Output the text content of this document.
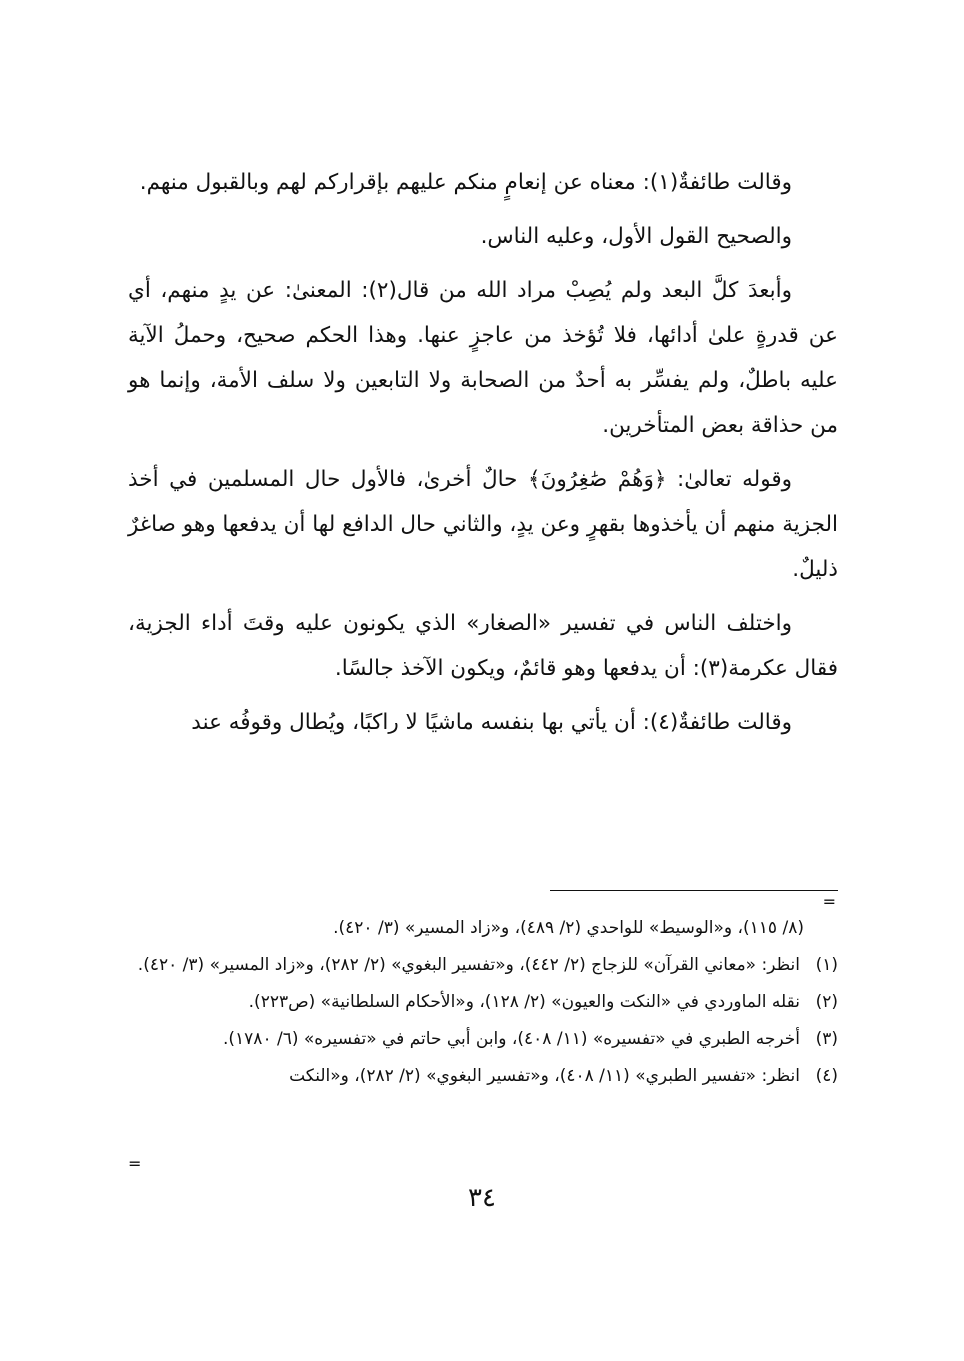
وقالت طائفةٌ(١): معناه عن إنعامٍ منكم عليهم بإقراركم لهم وبالقبول منهم.

والصحيح القول الأول، وعليه الناس.

وأبعدَ كلَّ البعد ولم يُصِبْ مراد الله من قال(٢): المعنىٰ: عن يدٍ منهم، أي عن قدرةٍ علىٰ أدائها، فلا تُؤخذ من عاجزٍ عنها. وهذا الحكم صحيح، وحملُ الآية عليه باطلٌ، ولم يفسِّر به أحدٌ من الصحابة ولا التابعين ولا سلف الأمة، وإنما هو من حذاقة بعض المتأخرين.

وقوله تعالىٰ: ﴿وَهُمْ صَٰغِرُونَ﴾ حالٌ أخرىٰ، فالأول حال المسلمين في أخذ الجزية منهم أن يأخذوها بقهرٍ وعن يدٍ، والثاني حال الدافع لها أن يدفعها وهو صاغرٌ ذليلٌ.

واختلف الناس في تفسير «الصغار» الذي يكونون عليه وقتَ أداء الجزية، فقال عكرمة(٣): أن يدفعها وهو قائمٌ، ويكون الآخذ جالسًا.

وقالت طائفةٌ(٤): أن يأتي بها بنفسه ماشيًا لا راكبًا، ويُطال وقوفُه عند

=
(٨/ ١١٥)، و«الوسيط» للواحدي (٢/ ٤٨٩)، و«زاد المسير» (٣/ ٤٢٠).
(١)
انظر: «معاني القرآن» للزجاج (٢/ ٤٤٢)، و«تفسير البغوي» (٢/ ٢٨٢)، و«زاد المسير» (٣/ ٤٢٠).
(٢)
نقله الماوردي في «النكت والعيون» (٢/ ١٢٨)، و«الأحكام السلطانية» (ص٢٢٣).
(٣)
أخرجه الطبري في «تفسيره» (١١/ ٤٠٨)، وابن أبي حاتم في «تفسيره» (٦/ ١٧٨٠).
(٤)
انظر: «تفسير الطبري» (١١/ ٤٠٨)، و«تفسير البغوي» (٢/ ٢٨٢)، و«النكت
=
٣٤
